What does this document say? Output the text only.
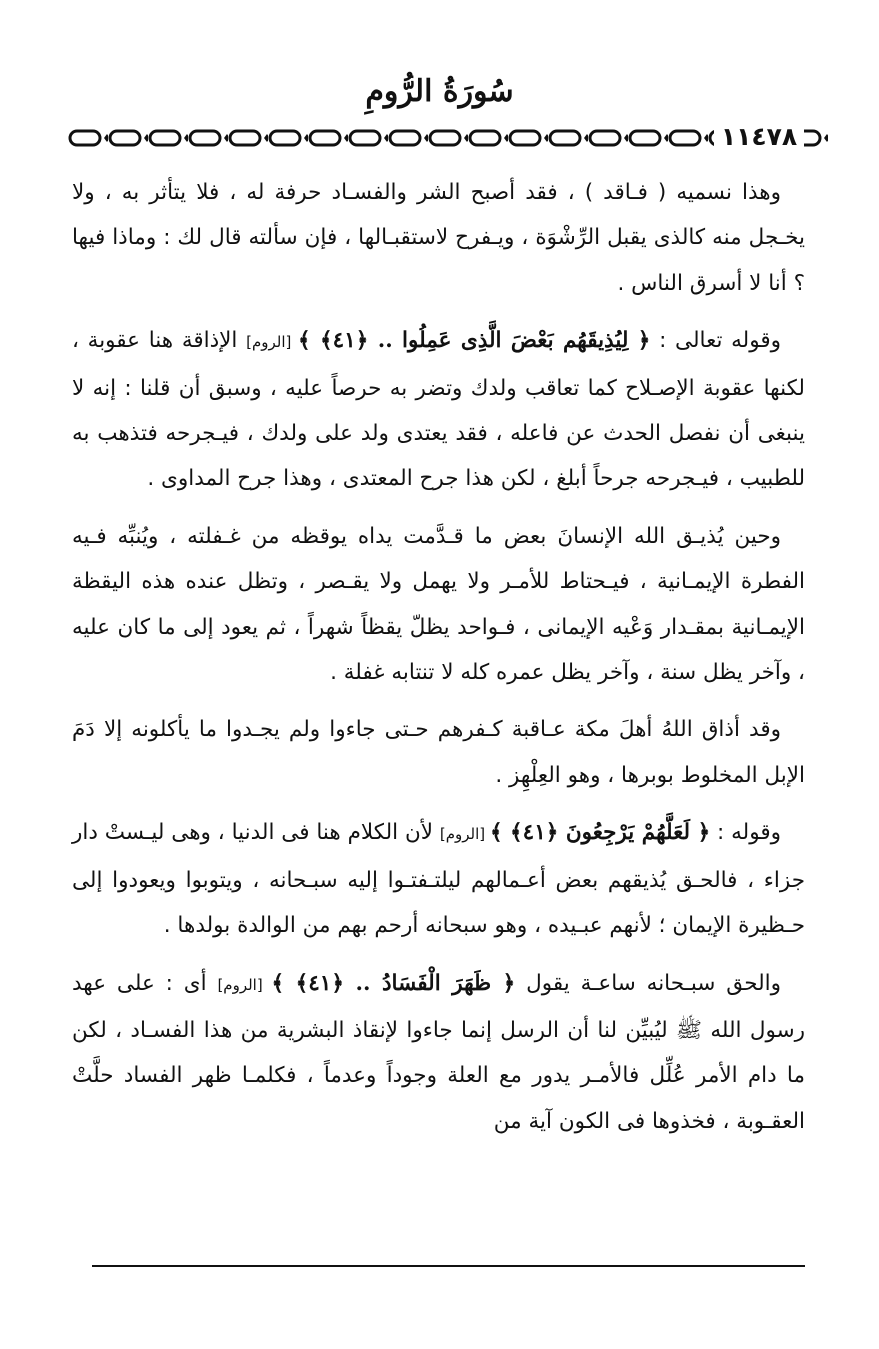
سُورَةُ الرُّومِ
١١٤٧٨

وهذا نسميه ( فـاقد ) ، فقد أصبح الشر والفسـاد حرفة له ، فلا يتأثر به ، ولا يخـجل منه كالذى يقبل الرِّشْوَة ، ويـفرح لاستقبـالها ، فإن سألته قال لك : وماذا فيها ؟ أنا لا أسرق الناس .

وقوله تعالى : ﴿ لِيُذِيقَهُم بَعْضَ الَّذِى عَمِلُوا .. ﴿٤١﴾ ﴾ [الروم] الإذاقة هنا عقوبة ، لكنها عقوبة الإصـلاح كما تعاقب ولدك وتضر به حرصاً عليه ، وسبق أن قلنا : إنه لا ينبغى أن نفصل الحدث عن فاعله ، فقد يعتدى ولد على ولدك ، فيـجرحه فتذهب به للطبيب ، فيـجرحه جرحاً أبلغ ، لكن هذا جرح المعتدى ، وهذا جرح المداوى .

وحين يُذيـق الله الإنسانَ بعض ما قـدَّمت يداه يوقظه من غـفلته ، ويُنبِّه فـيه الفطرة الإيمـانية ، فيـحتاط للأمـر ولا يهمل ولا يقـصر ، وتظل عنده هذه اليقظة الإيمـانية بمقـدار وَعْيه الإيمانى ، فـواحد يظلّ يقظاً شهراً ، ثم يعود إلى ما كان عليه ، وآخر يظل سنة ، وآخر يظل عمره كله لا تنتابه غفلة .

وقد أذاق اللهُ أهلَ مكة عـاقبة كـفرهم حـتى جاءوا ولم يجـدوا ما يأكلونه إلا دَمَ الإبل المخلوط بوبرها ، وهو العِلْهِز .

وقوله : ﴿ لَعَلَّهُمْ يَرْجِعُونَ ﴿٤١﴾ ﴾ [الروم] لأن الكلام هنا فى الدنيا ، وهى ليـستْ دار جزاء ، فالحـق يُذيقهم بعض أعـمالهم ليلتـفتـوا إليه سبـحانه ، ويتوبوا ويعودوا إلى حـظيرة الإيمان ؛ لأنهم عبـيده ، وهو سبحانه أرحم بهم من الوالدة بولدها .

والحق سبـحانه ساعـة يقول ﴿ ظَهَرَ الْفَسَادُ .. ﴿٤١﴾ ﴾ [الروم] أى : على عهد رسول الله ﷺ ليُبيِّن لنا أن الرسل إنما جاءوا لإنقاذ البشرية من هذا الفسـاد ، لكن ما دام الأمر عُلِّل فالأمـر يدور مع العلة وجوداً وعدماً ، فكلمـا ظهر الفساد حلَّتْ العقـوبة ، فخذوها فى الكون آية من
